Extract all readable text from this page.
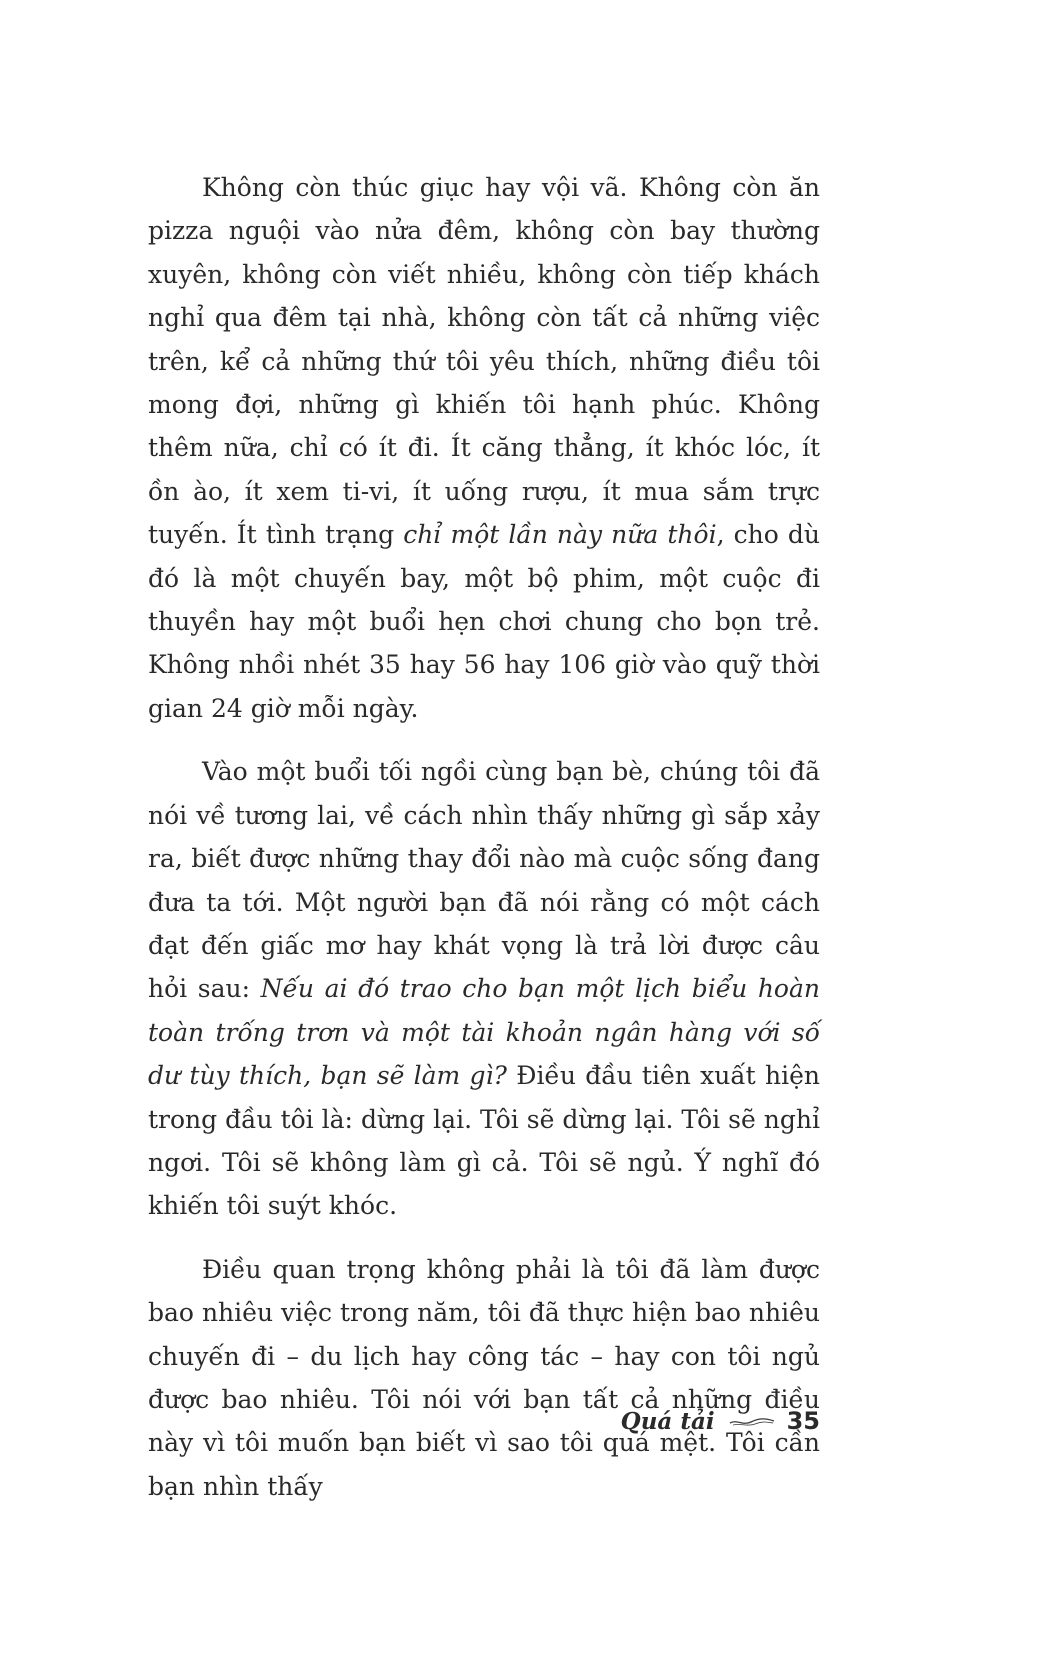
Không còn thúc giục hay vội vã. Không còn ăn pizza nguội vào nửa đêm, không còn bay thường xuyên, không còn viết nhiều, không còn tiếp khách nghỉ qua đêm tại nhà, không còn tất cả những việc trên, kể cả những thứ tôi yêu thích, những điều tôi mong đợi, những gì khiến tôi hạnh phúc. Không thêm nữa, chỉ có ít đi. Ít căng thẳng, ít khóc lóc, ít ồn ào, ít xem ti-vi, ít uống rượu, ít mua sắm trực tuyến. Ít tình trạng chỉ một lần này nữa thôi, cho dù đó là một chuyến bay, một bộ phim, một cuộc đi thuyền hay một buổi hẹn chơi chung cho bọn trẻ. Không nhồi nhét 35 hay 56 hay 106 giờ vào quỹ thời gian 24 giờ mỗi ngày.

Vào một buổi tối ngồi cùng bạn bè, chúng tôi đã nói về tương lai, về cách nhìn thấy những gì sắp xảy ra, biết được những thay đổi nào mà cuộc sống đang đưa ta tới. Một người bạn đã nói rằng có một cách đạt đến giấc mơ hay khát vọng là trả lời được câu hỏi sau: Nếu ai đó trao cho bạn một lịch biểu hoàn toàn trống trơn và một tài khoản ngân hàng với số dư tùy thích, bạn sẽ làm gì? Điều đầu tiên xuất hiện trong đầu tôi là: dừng lại. Tôi sẽ dừng lại. Tôi sẽ nghỉ ngơi. Tôi sẽ không làm gì cả. Tôi sẽ ngủ. Ý nghĩ đó khiến tôi suýt khóc.

Điều quan trọng không phải là tôi đã làm được bao nhiêu việc trong năm, tôi đã thực hiện bao nhiêu chuyến đi – du lịch hay công tác – hay con tôi ngủ được bao nhiêu. Tôi nói với bạn tất cả những điều này vì tôi muốn bạn biết vì sao tôi quá mệt. Tôi cần bạn nhìn thấy

Quá tải	35
